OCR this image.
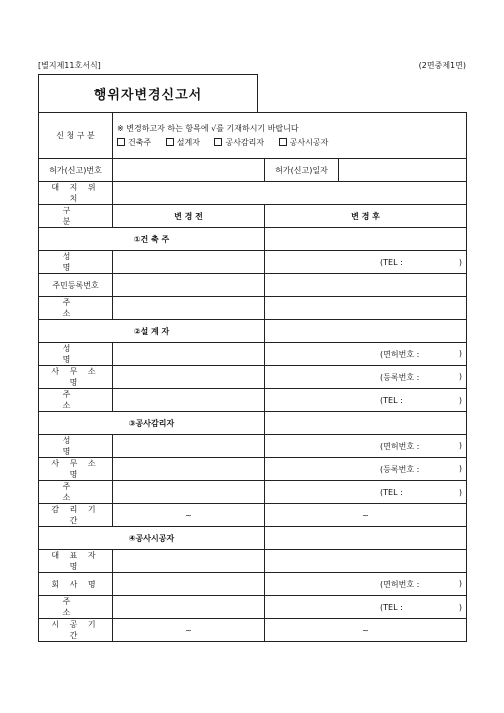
[별지제11호서식]	(2면중제1면)
행위자변경신고서
신 청 구 분	※ 변경하고자 하는 항목에 √를 기재하시기 바랍니다
건축주 설계자 공사감리자 공사시공자		
허가(신고)번호		허가(신고)일자	
대 지 위 치			
구 분	변 경 전	변 경 후	
①건 축 주			
성 명		(TEL : )	

주민등록번호			
주 소			
②설 계 자			
성 명		(면허번호 : )	

사 무 소 명		(등록번호 : )	

주 소		(TEL : )	

③공사감리자			
성 명		(면허번호 : )	

사 무 소 명		(등록번호 : )	

주 소		(TEL : )	

감 리 기 간	~	~	
④공사시공자			
대 표 자 명			
회 사 명		(면허번호 : )	

주 소		(TEL : )	

시 공 기 간	~	~	
